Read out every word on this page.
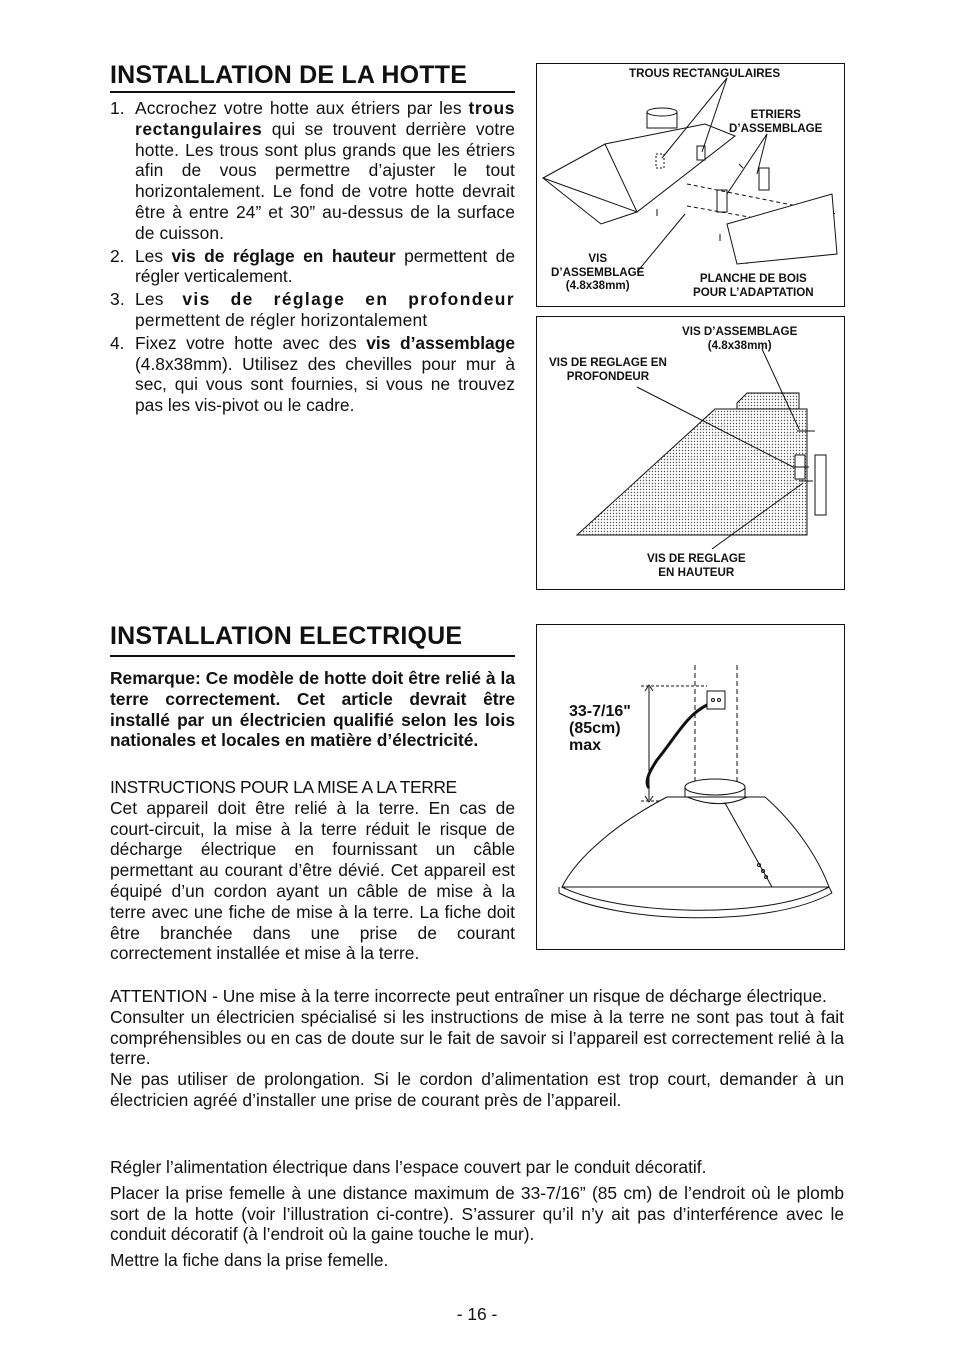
INSTALLATION DE LA HOTTE
1. Accrochez votre hotte aux étriers par les trous rectangulaires qui se trouvent derrière votre hotte. Les trous sont plus grands que les étriers afin de vous permettre d’ajuster le tout horizontalement. Le fond de votre hotte devrait être à entre 24” et 30” au-dessus de la surface de cuisson.
2. Les vis de réglage en hauteur permettent de régler verticalement.
3. Les vis de réglage en profondeur permettent de régler horizontalement
4. Fixez votre hotte avec des vis d’assemblage (4.8x38mm). Utilisez des chevilles pour mur à sec, qui vous sont fournies, si vous ne trouvez pas les vis-pivot ou le cadre.
TROUS RECTANGULAIRES
ETRIERS
D’ASSEMBLAGE
VIS
D’ASSEMBLAGE
(4.8x38mm)
PLANCHE DE BOIS
POUR L’ADAPTATION
VIS D’ASSEMBLAGE
(4.8x38mm)
VIS DE REGLAGE EN
PROFONDEUR
VIS DE REGLAGE
EN HAUTEUR
INSTALLATION ELECTRIQUE

Remarque: Ce modèle de hotte doit être relié à la terre correctement. Cet article devrait être installé par un électricien qualifié selon les lois nationales et locales en matière d’électricité.

INSTRUCTIONS POUR LA MISE A LA TERRE
Cet appareil doit être relié à la terre. En cas de court-circuit, la mise à la terre réduit le risque de décharge électrique en fournissant un câble permettant au courant d’être dévié. Cet appareil est équipé d’un cordon ayant un câble de mise à la terre avec une fiche de mise à la terre. La fiche doit être branchée dans une prise de courant correctement installée et mise à la terre.
33-7/16"
(85cm)
max

ATTENTION - Une mise à la terre incorrecte peut entraîner un risque de décharge électrique.

Consulter un électricien spécialisé si les instructions de mise à la terre ne sont pas tout à fait compréhensibles ou en cas de doute sur le fait de savoir si l’appareil est correctement relié à la terre.

Ne pas utiliser de prolongation. Si le cordon d’alimentation est trop court, demander à un électricien agréé d’installer une prise de courant près de l’appareil.

Régler l’alimentation électrique dans l’espace couvert par le conduit décoratif.

Placer la prise femelle à une distance maximum de 33-7/16” (85 cm) de l’endroit où le plomb sort de la hotte (voir l’illustration ci-contre). S’assurer qu’il n’y ait pas d’interférence avec le conduit décoratif (à l’endroit où la gaine touche le mur).

Mettre la fiche dans la prise femelle.

- 16 -
